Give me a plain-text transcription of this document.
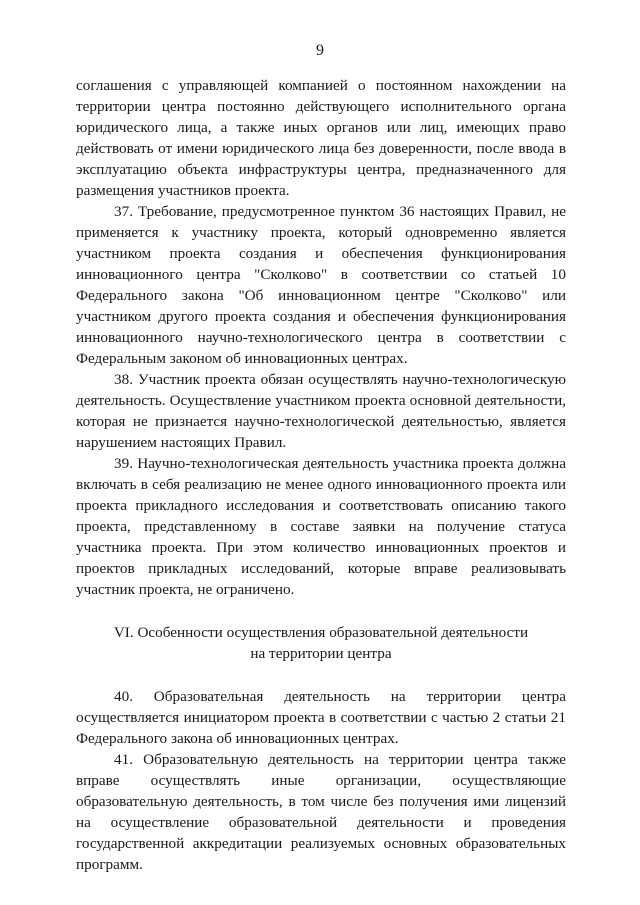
9

соглашения с управляющей компанией о постоянном нахождении на территории центра постоянно действующего исполнительного органа юридического лица, а также иных органов или лиц, имеющих право действовать от имени юридического лица без доверенности, после ввода в эксплуатацию объекта инфраструктуры центра, предназначенного для размещения участников проекта.

37. Требование, предусмотренное пунктом 36 настоящих Правил, не применяется к участнику проекта, который одновременно является участником проекта создания и обеспечения функционирования инновационного центра "Сколково" в соответствии со статьей 10 Федерального закона "Об инновационном центре "Сколково" или участником другого проекта создания и обеспечения функционирования инновационного научно-технологического центра в соответствии с Федеральным законом об инновационных центрах.

38. Участник проекта обязан осуществлять научно-технологическую деятельность. Осуществление участником проекта основной деятельности, которая не признается научно-технологической деятельностью, является нарушением настоящих Правил.

39. Научно-технологическая деятельность участника проекта должна включать в себя реализацию не менее одного инновационного проекта или проекта прикладного исследования и соответствовать описанию такого проекта, представленному в составе заявки на получение статуса участника проекта. При этом количество инновационных проектов и проектов прикладных исследований, которые вправе реализовывать участник проекта, не ограничено.

VI. Особенности осуществления образовательной деятельности

на территории центра

40. Образовательная деятельность на территории центра осуществляется инициатором проекта в соответствии с частью 2 статьи 21 Федерального закона об инновационных центрах.

41. Образовательную деятельность на территории центра также вправе осуществлять иные организации, осуществляющие образовательную деятельность, в том числе без получения ими лицензий на осуществление образовательной деятельности и проведения государственной аккредитации реализуемых основных образовательных программ.
